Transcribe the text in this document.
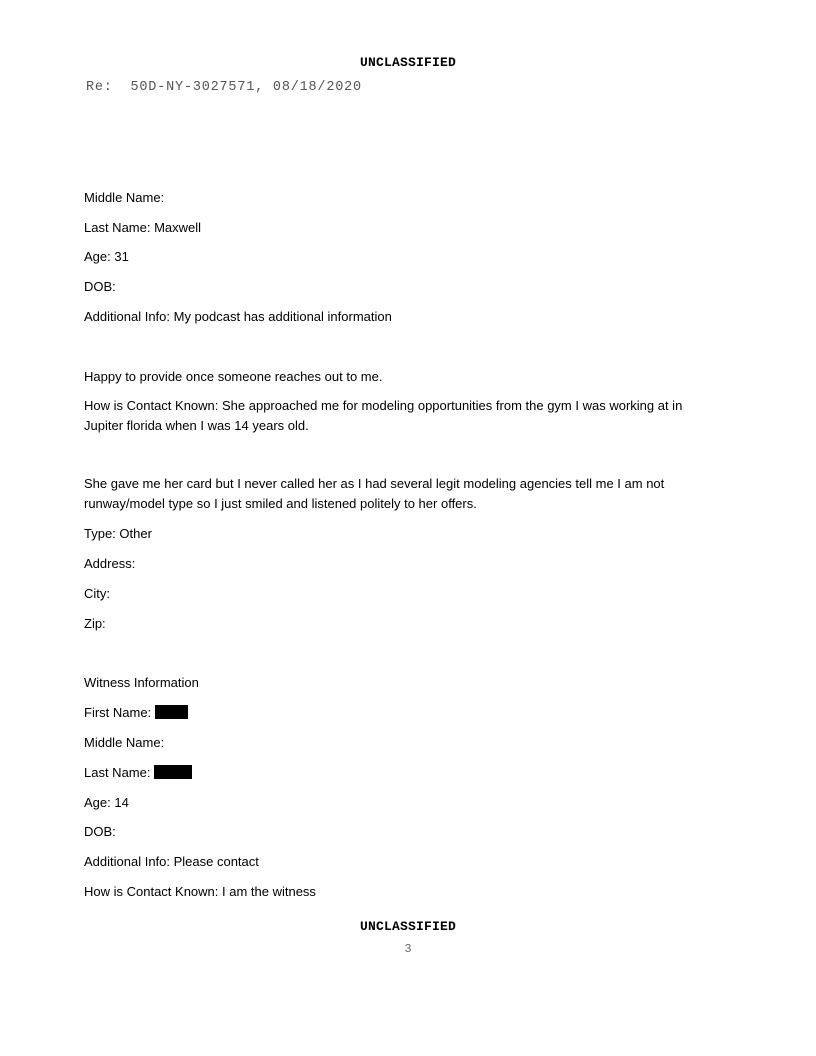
UNCLASSIFIED
Re:  50D-NY-3027571, 08/18/2020
Middle Name:
Last Name: Maxwell
Age: 31
DOB:
Additional Info: My podcast has additional information
Happy to provide once someone reaches out to me.
How is Contact Known: She approached me for modeling opportunities from the gym I was working at in Jupiter florida when I was 14 years old.
She gave me her card but I never called her as I had several legit modeling agencies tell me I am not runway/model type so I just smiled and listened politely to her offers.
Type: Other
Address:
City:
Zip:
Witness Information
First Name:
Middle Name:
Last Name:
Age: 14
DOB:
Additional Info: Please contact
How is Contact Known: I am the witness
UNCLASSIFIED
3
